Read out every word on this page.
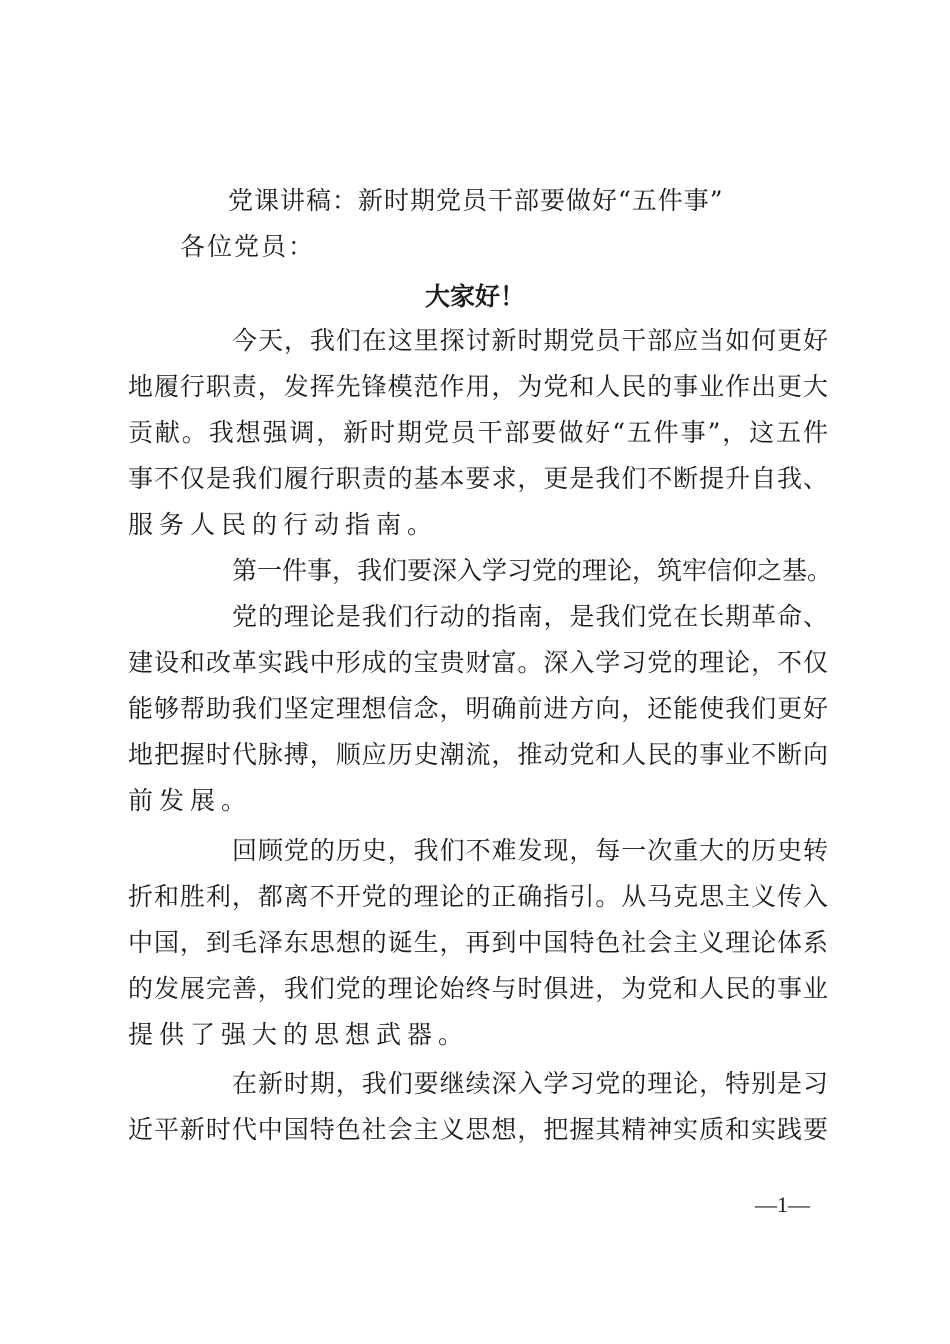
党课讲稿：新时期党员干部要做好“五件事”
各位党员：
大家好！
今天，我们在这里探讨新时期党员干部应当如何更好
地履行职责，发挥先锋模范作用，为党和人民的事业作出更大
贡献。我想强调，新时期党员干部要做好“五件事”，这五件
事不仅是我们履行职责的基本要求，更是我们不断提升自我、
服务人民的行动指南。
第一件事，我们要深入学习党的理论，筑牢信仰之基。
党的理论是我们行动的指南，是我们党在长期革命、
建设和改革实践中形成的宝贵财富。深入学习党的理论，不仅
能够帮助我们坚定理想信念，明确前进方向，还能使我们更好
地把握时代脉搏，顺应历史潮流，推动党和人民的事业不断向
前发展。
回顾党的历史，我们不难发现，每一次重大的历史转
折和胜利，都离不开党的理论的正确指引。从马克思主义传入
中国，到毛泽东思想的诞生，再到中国特色社会主义理论体系
的发展完善，我们党的理论始终与时俱进，为党和人民的事业
提供了强大的思想武器。
在新时期，我们要继续深入学习党的理论，特别是习
近平新时代中国特色社会主义思想，把握其精神实质和实践要
—1—
